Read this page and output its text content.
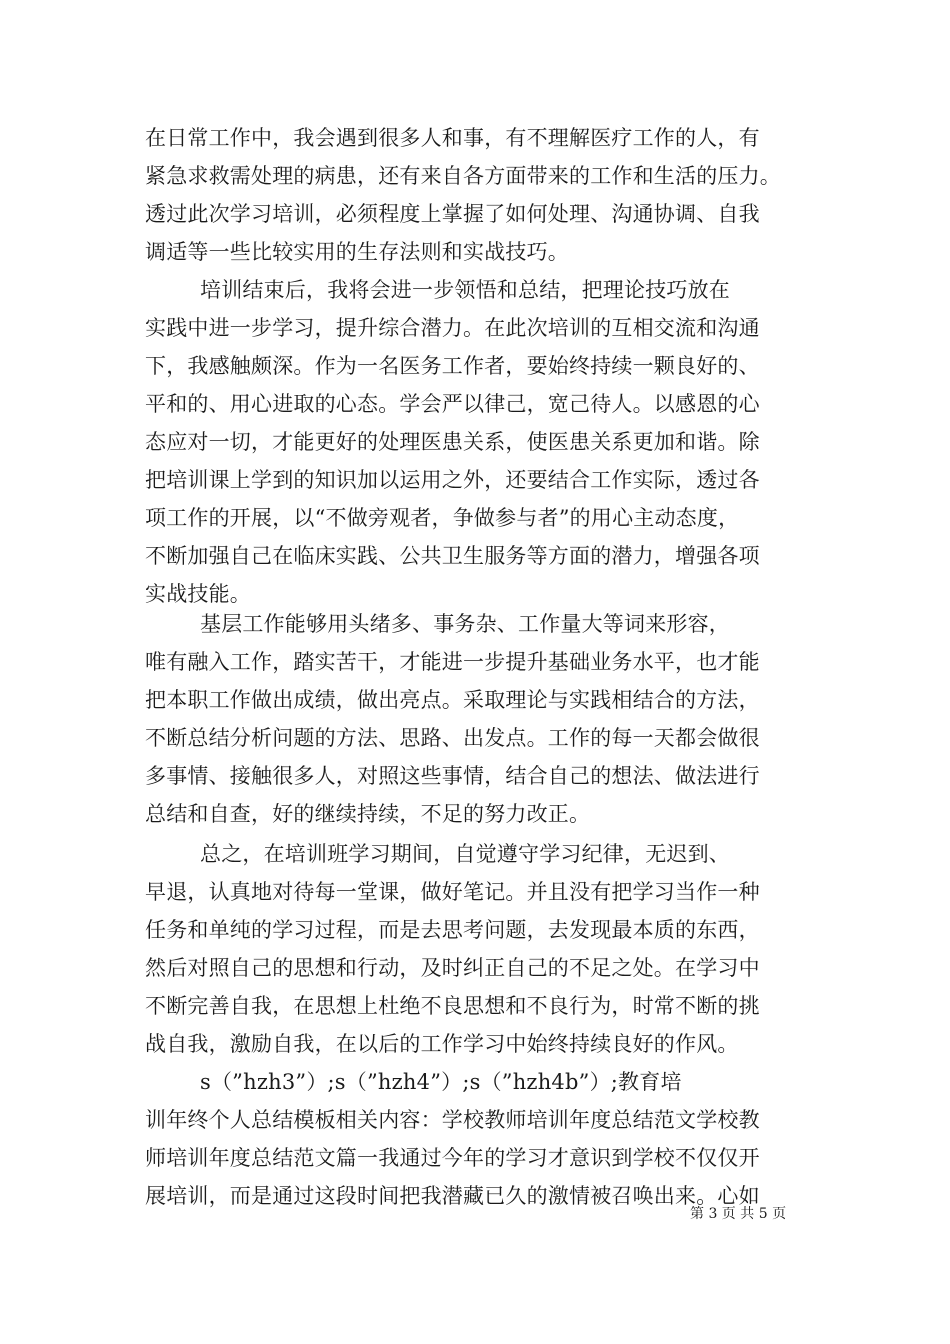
在日常工作中，我会遇到很多人和事，有不理解医疗工作的人，有
紧急求救需处理的病患，还有来自各方面带来的工作和生活的压力。
透过此次学习培训，必须程度上掌握了如何处理、沟通协调、自我
调适等一些比较实用的生存法则和实战技巧。
培训结束后，我将会进一步领悟和总结，把理论技巧放在
实践中进一步学习，提升综合潜力。在此次培训的互相交流和沟通
下，我感触颇深。作为一名医务工作者，要始终持续一颗良好的、
平和的、用心进取的心态。学会严以律己，宽己待人。以感恩的心
态应对一切，才能更好的处理医患关系，使医患关系更加和谐。除
把培训课上学到的知识加以运用之外，还要结合工作实际，透过各
项工作的开展，以“不做旁观者，争做参与者”的用心主动态度，
不断加强自己在临床实践、公共卫生服务等方面的潜力，增强各项
实战技能。
基层工作能够用头绪多、事务杂、工作量大等词来形容，
唯有融入工作，踏实苦干，才能进一步提升基础业务水平，也才能
把本职工作做出成绩，做出亮点。采取理论与实践相结合的方法，
不断总结分析问题的方法、思路、出发点。工作的每一天都会做很
多事情、接触很多人，对照这些事情，结合自己的想法、做法进行
总结和自查，好的继续持续，不足的努力改正。
总之，在培训班学习期间，自觉遵守学习纪律，无迟到、
早退，认真地对待每一堂课，做好笔记。并且没有把学习当作一种
任务和单纯的学习过程，而是去思考问题，去发现最本质的东西，
然后对照自己的思想和行动，及时纠正自己的不足之处。在学习中
不断完善自我，在思想上杜绝不良思想和不良行为，时常不断的挑
战自我，激励自我，在以后的工作学习中始终持续良好的作风。
s（”hzh3”）;s（”hzh4”）;s（”hzh4b”）;教育培
训年终个人总结模板相关内容：学校教师培训年度总结范文学校教
师培训年度总结范文篇一我通过今年的学习才意识到学校不仅仅开
展培训，而是通过这段时间把我潜藏已久的激情被召唤出来。心如
第 3 页 共 5 页
